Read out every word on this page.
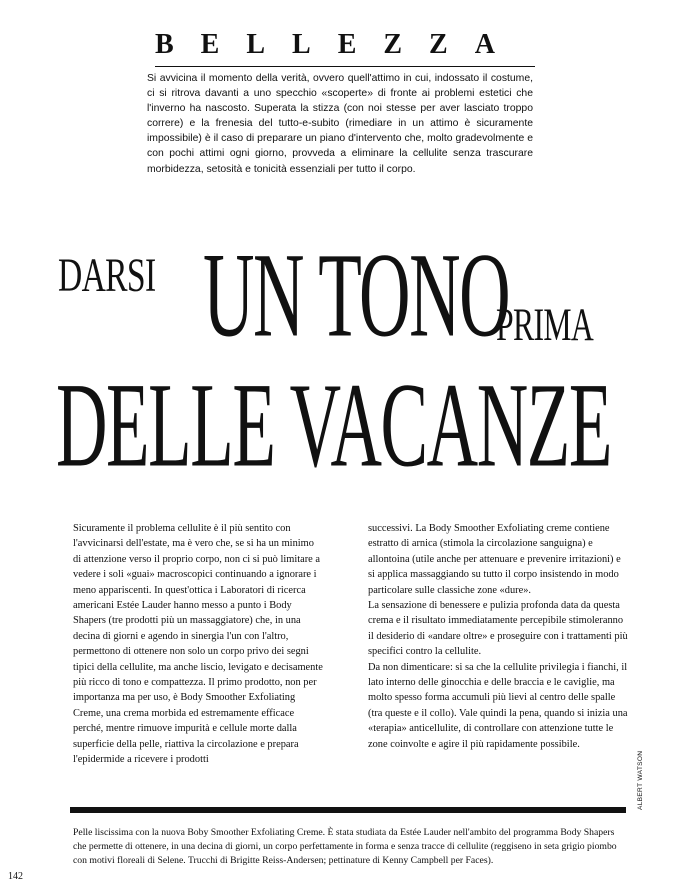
BELLEZZA
Si avvicina il momento della verità, ovvero quell'attimo in cui, indossato il costume, ci si ritrova davanti a uno specchio «scoperte» di fronte ai problemi estetici che l'inverno ha nascosto. Superata la stizza (con noi stesse per aver lasciato troppo correre) e la frenesia del tutto-e-subito (rimediare in un attimo è sicuramente impossibile) è il caso di preparare un piano d'intervento che, molto gradevolmente e con pochi attimi ogni giorno, provveda a eliminare la cellulite senza trascurare morbidezza, setosità e tonicità essenziali per tutto il corpo.
DARSI UN TONO
PRIMA
DELLE VACANZE

Sicuramente il problema cellulite è il più sentito con l'avvicinarsi dell'estate, ma è vero che, se si ha un minimo di attenzione verso il proprio corpo, non ci si può limitare a vedere i soli «guai» macroscopici continuando a ignorare i meno appariscenti. In quest'ottica i Laboratori di ricerca americani Estée Lauder hanno messo a punto i Body Shapers (tre prodotti più un massaggiatore) che, in una decina di giorni e agendo in sinergia l'un con l'altro, permettono di ottenere non solo un corpo privo dei segni tipici della cellulite, ma anche liscio, levigato e decisamente più ricco di tono e compattezza. Il primo prodotto, non per importanza ma per uso, è Body Smoother Exfoliating Creme, una crema morbida ed estremamente efficace perché, mentre rimuove impurità e cellule morte dalla superficie della pelle, riattiva la circolazione e prepara l'epidermide a ricevere i prodotti

successivi. La Body Smoother Exfoliating creme contiene estratto di arnica (stimola la circolazione sanguigna) e allontoina (utile anche per attenuare e prevenire irritazioni) e si applica massaggiando su tutto il corpo insistendo in modo particolare sulle classiche zone «dure».

La sensazione di benessere e pulizia profonda data da questa crema e il risultato immediatamente percepibile stimoleranno il desiderio di «andare oltre» e proseguire con i trattamenti più specifici contro la cellulite.

Da non dimenticare: si sa che la cellulite privilegia i fianchi, il lato interno delle ginocchia e delle braccia e le caviglie, ma molto spesso forma accumuli più lievi al centro delle spalle (tra queste e il collo). Vale quindi la pena, quando si inizia una «terapia» anticellulite, di controllare con attenzione tutte le zone coinvolte e agire il più rapidamente possibile.

Pelle liscissima con la nuova Boby Smoother Exfoliating Creme. È stata studiata da Estée Lauder nell'ambito del programma Body Shapers che permette di ottenere, in una decina di giorni, un corpo perfettamente in forma e senza tracce di cellulite (reggiseno in seta grigio piombo con motivi floreali di Selene. Trucchi di Brigitte Reiss-Andersen; pettinature di Kenny Campbell per Faces).
ALBERT WATSON
142
